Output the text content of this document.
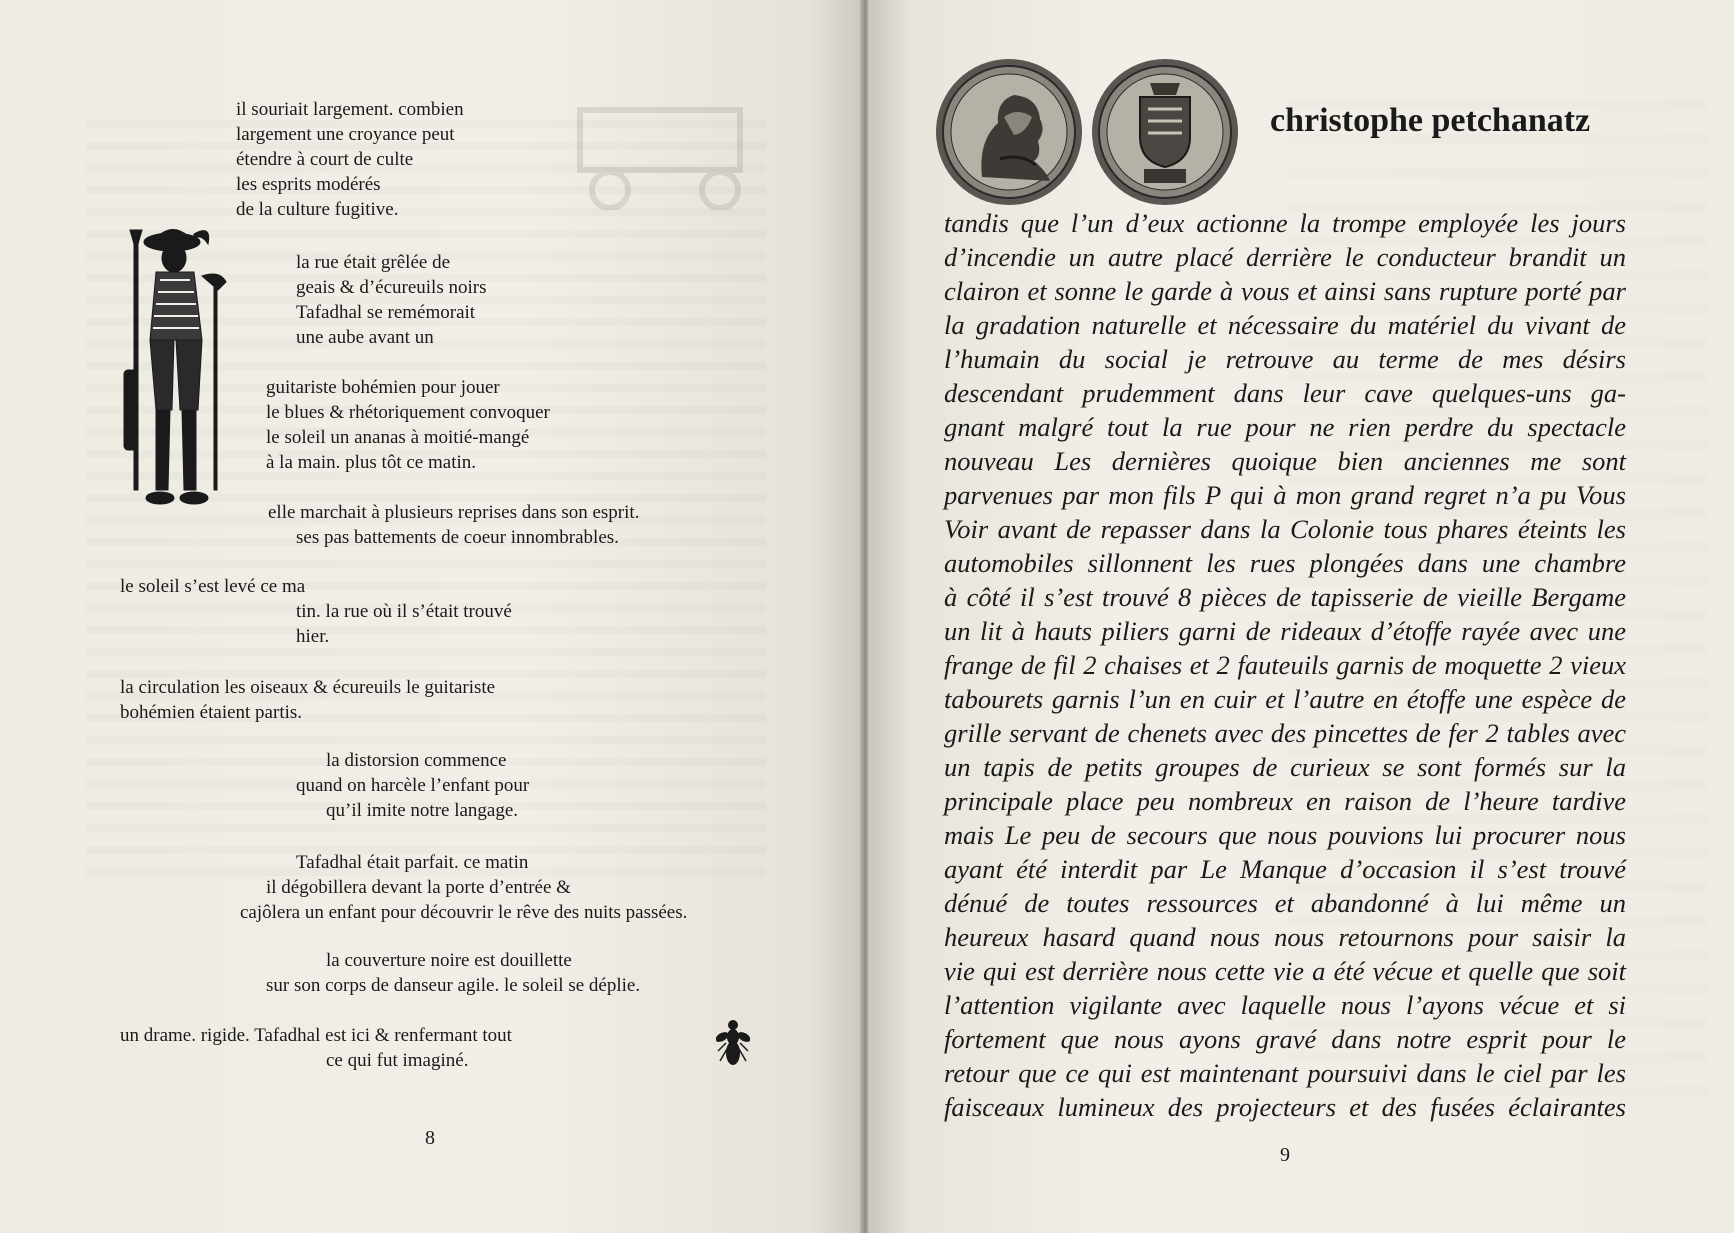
il souriait largement. combien

largement une croyance peut

étendre à court de culte

les esprits modérés

de la culture fugitive.

la rue était grêlée de

geais & d’écureuils noirs

Tafadhal se remémorait

une aube avant un

guitariste bohémien pour jouer

le blues & rhétoriquement convoquer

le soleil un ananas à moitié-mangé

à la main. plus tôt ce matin.

elle marchait à plusieurs reprises dans son esprit.

ses pas battements de coeur innombrables.

le soleil s’est levé ce ma

tin. la rue où il s’était trouvé

hier.

la circulation les oiseaux & écureuils le guitariste

bohémien étaient partis.

la distorsion commence

quand on harcèle l’enfant pour

qu’il imite notre langage.

Tafadhal était parfait. ce matin

il dégobillera devant la porte d’entrée &

cajôlera un enfant pour découvrir le rêve des nuits passées.

la couverture noire est douillette

sur son corps de danseur agile. le soleil se déplie.

un drame. rigide. Tafadhal est ici & renfermant tout

ce qui fut imaginé.

8
christophe petchanatz
tandis que l’un d’eux actionne la trompe employée les jours
d’incendie un autre placé derrière le conducteur brandit un
clairon et sonne le garde à vous et ainsi sans rupture porté par
la gradation naturelle et nécessaire du matériel du vivant de
l’humain du social je retrouve au terme de mes désirs
descendant prudemment dans leur cave quelques-uns ga-
gnant malgré tout la rue pour ne rien perdre du spectacle
nouveau Les dernières quoique bien anciennes me sont
parvenues par mon fils P qui à mon grand regret n’a pu Vous
Voir avant de repasser dans la Colonie tous phares éteints les
automobiles sillonnent les rues plongées dans une chambre
à côté il s’est trouvé 8 pièces de tapisserie de vieille Bergame
un lit à hauts piliers garni de rideaux d’étoffe rayée avec une
frange de fil 2 chaises et 2 fauteuils garnis de moquette 2 vieux
tabourets garnis l’un en cuir et l’autre en étoffe une espèce de
grille servant de chenets avec des pincettes de fer 2 tables avec
un tapis de petits groupes de curieux se sont formés sur la
principale place peu nombreux en raison de l’heure tardive
mais Le peu de secours que nous pouvions lui procurer nous
ayant été interdit par Le Manque d’occasion il s’est trouvé
dénué de toutes ressources et abandonné à lui même un
heureux hasard quand nous nous retournons pour saisir la
vie qui est derrière nous cette vie a été vécue et quelle que soit
l’attention vigilante avec laquelle nous l’ayons vécue et si
fortement que nous ayons gravé dans notre esprit pour le
retour que ce qui est maintenant poursuivi dans le ciel par les
faisceaux lumineux des projecteurs et des fusées éclairantes
9
